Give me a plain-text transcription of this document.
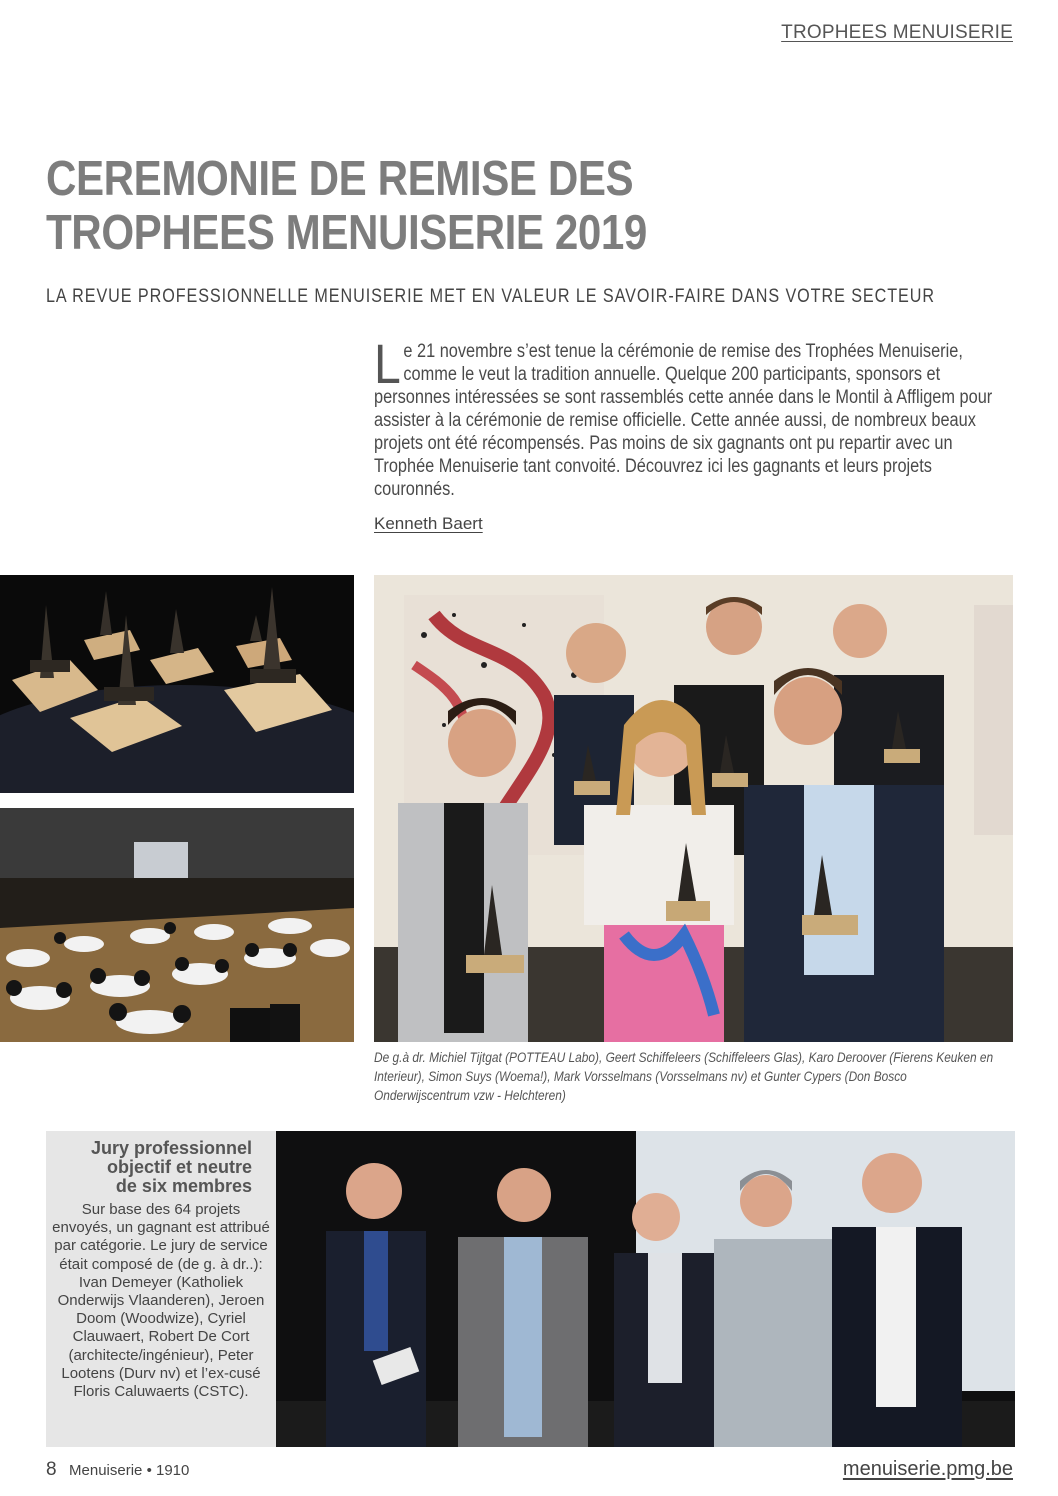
TROPHEES MENUISERIE
CEREMONIE DE REMISE DES
TROPHEES MENUISERIE 2019
LA REVUE PROFESSIONNELLE MENUISERIE MET EN VALEUR LE SAVOIR-FAIRE DANS VOTRE SECTEUR
Le 21 novembre s’est tenue la cérémonie de remise des Trophées Menuiserie, comme le veut la tradition annuelle. Quelque 200 participants, sponsors et personnes intéressées se sont rassemblés cette année dans le Montil à Affligem pour assister à la cérémonie de remise officielle. Cette année aussi, de nombreux beaux projets ont été récompensés. Pas moins de six gagnants ont pu repartir avec un Trophée Menuiserie tant convoité. Découvrez ici les gagnants et leurs projets couronnés.
Kenneth Baert
De g.à dr. Michiel Tijtgat (POTTEAU Labo), Geert Schiffeleers (Schiffeleers Glas), Karo Deroover (Fierens Keuken en Interieur), Simon Suys (Woema!), Mark Vorsselmans (Vorsselmans nv) et Gunter Cypers (Don Bosco Onderwijscentrum vzw - Helchteren)
Jury professionnel
objectif et neutre
de six membres
Sur base des 64 projets envoyés, un gagnant est attribué par catégorie. Le jury de service était composé de (de g. à dr..): Ivan Demeyer (Katholiek Onderwijs Vlaanderen), Jeroen Doom (Woodwize), Cyriel Clauwaert, Robert De Cort (architecte/ingénieur), Peter Lootens (Durv nv) et l’ex-cusé Floris Caluwaerts (CSTC).
8 Menuiserie • 1910	menuiserie.pmg.be
